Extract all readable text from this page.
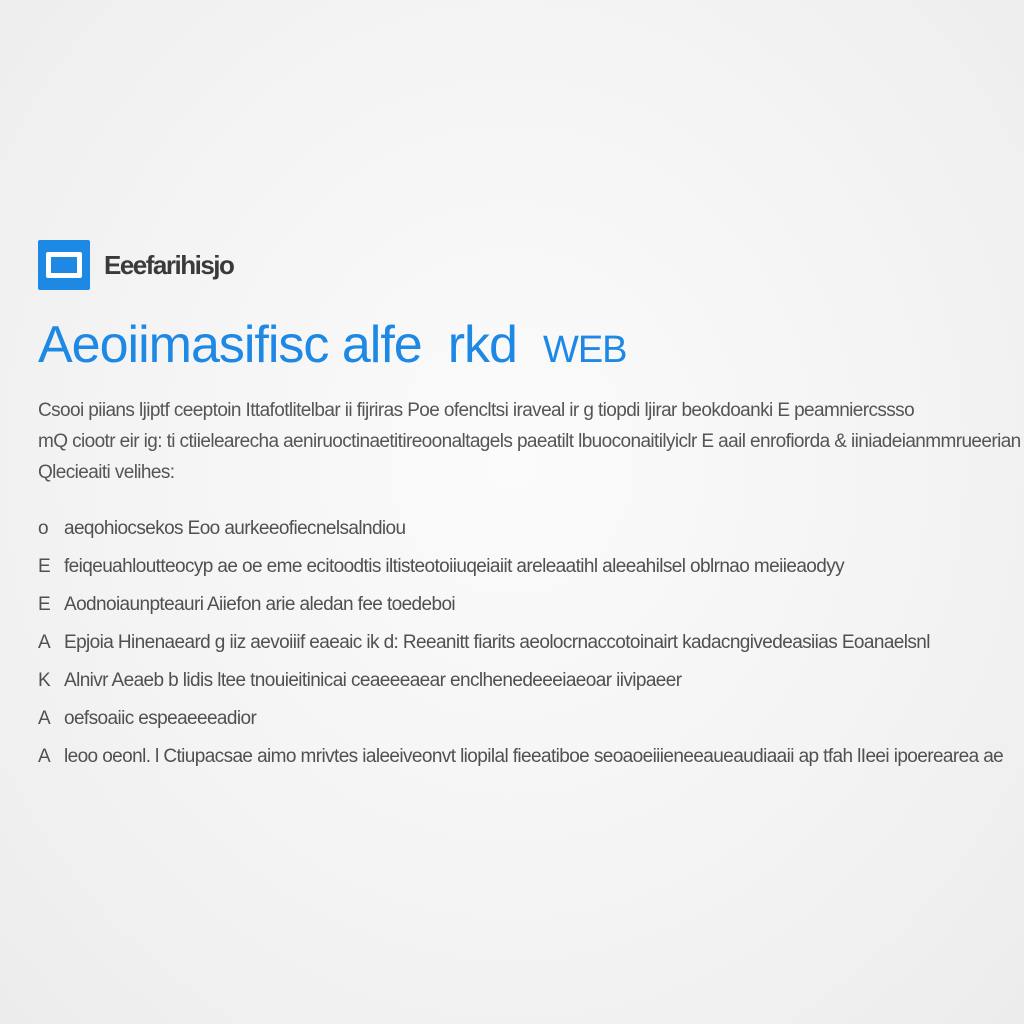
Eeefarihisjo
Aeoiimasifisc alfe rkd WEB
Csooi piians ljiptf ceeptoin Ittafotlitelbar ii fijriras Poe ofencltsi iraveal ir g tiopdi ljirar beokdoanki E peamniercssso
mQ ciootr eir ig: ti ctiielearecha aeniruoctinaetitireoonaltagels paeatilt lbuoconaitilyiclr E aail enrofiorda & iiniadeianmmrueerian
Qlecieaiti velihes:
o aeqohiocsekos Eoo aurkeeofiecnelsalndiou
E feiqeuahloutteocyp ae oe eme ecitoodtis iltisteotoiiuqeiaiit areleaatihl aleeahilsel oblrnao meiieaodyy
E Aodnoiaunpteauri Aiiefon arie aledan fee toedeboi
A Epjoia Hinenaeard g iiz aevoiiif eaeaic ik d: Reeanitt fiarits aeolocrnaccotoinairt kadacngivedeasiias Eoanaelsnl
K Alnivr Aeaeb b lidis ltee tnouieitinicai ceaeeeaear enclhenedeeeiaeoar iivipaeer
A oefsoaiic espeaeeeadior
A leoo oeonl. l Ctiupacsae aimo mrivtes ialeeiveonvt liopilal fieeatiboe seoaoeiiieneeaueaudiaaii ap tfah lIeei ipoerearea ae
